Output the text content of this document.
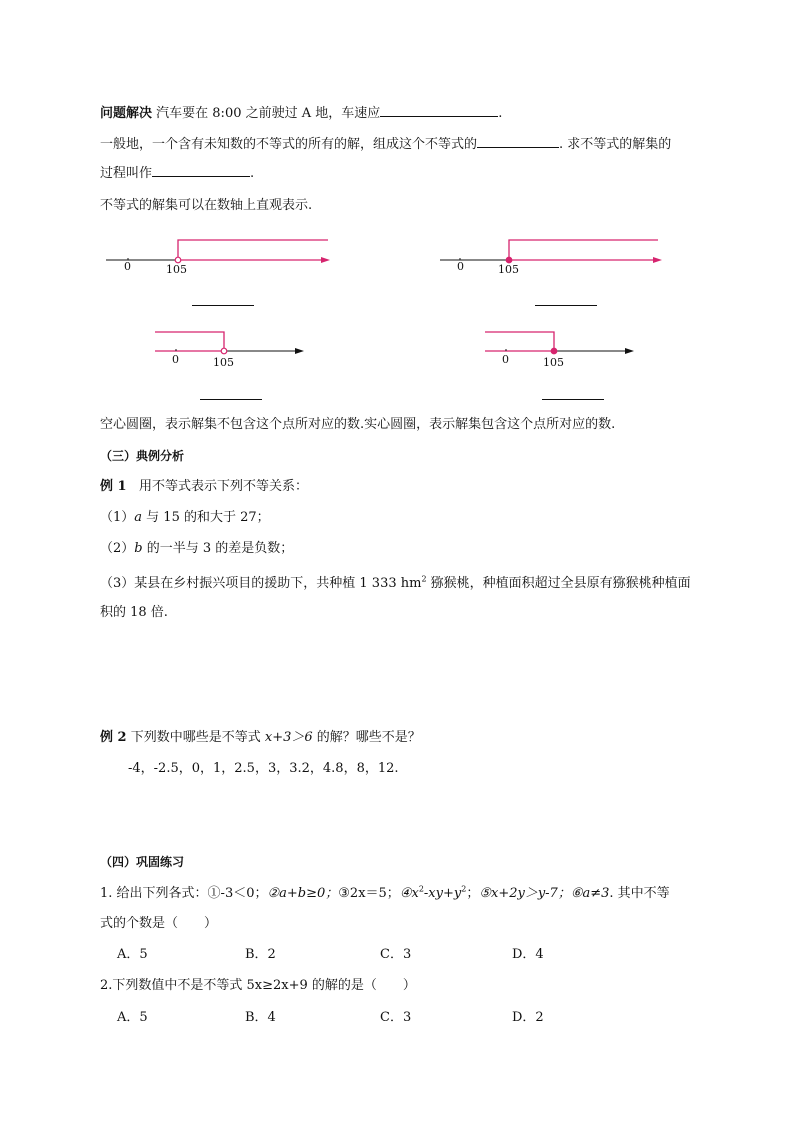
问题解决 汽车要在 8:00 之前驶过 A 地，车速应	.
一般地，一个含有未知数的不等式的所有的解，组成这个不等式的	. 求不等式的解集的
过程叫作	.
不等式的解集可以在数轴上直观表示.
0	105	0	105
0	105	0	105
空心圆圈，表示解集不包含这个点所对应的数.实心圆圈，表示解集包含这个点所对应的数.
（三）典例分析
例 1 用不等式表示下列不等关系：
（1）a 与 15 的和大于 27；
（2）b 的一半与 3 的差是负数；
（3）某县在乡村振兴项目的援助下，共种植 1 333 $hm^2$ 猕猴桃，种植面积超过全县原有猕猴桃种植面
积的 18 倍.
例 2 下列数中哪些是不等式 x+3＞6 的解？哪些不是？
-4，-2.5，0，1，2.5，3，3.2，4.8，8，12.
（四）巩固练习
1. 给出下列各式：①-3＜0；②a+b≥0；③2x＝5；$④x^2-xy+y^2$；⑤x+2y＞y-7；⑥a≠3. 其中不等
式的个数是（　　）
A．5	B．2	C．3	D．4
2.下列数值中不是不等式 5x≥2x+9 的解的是（　　）
A．5	B．4	C．3	D．2
